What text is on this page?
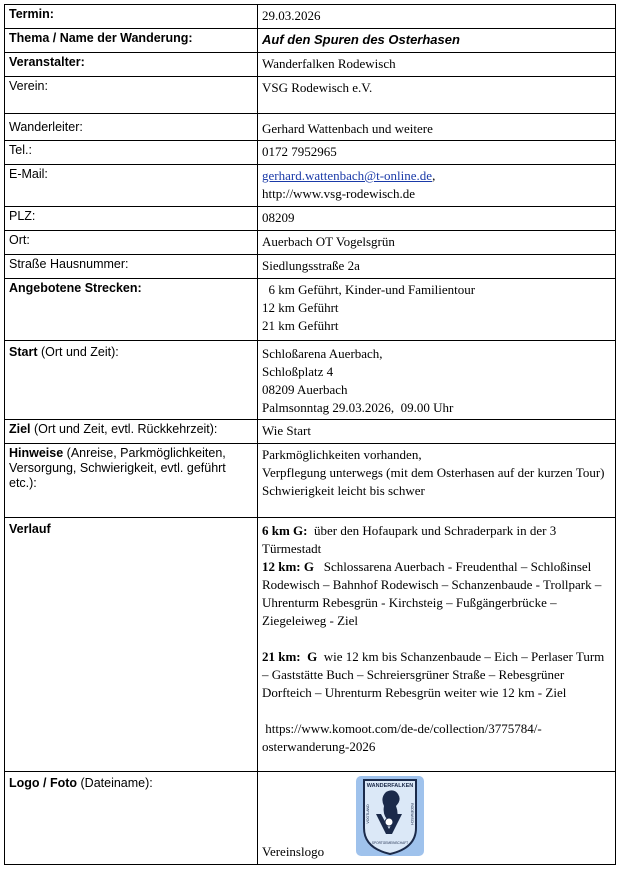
Termin:	29.03.2026
Thema / Name der Wanderung:	Auf den Spuren des Osterhasen
Veranstalter:	Wanderfalken Rodewisch
Verein:	VSG Rodewisch e.V.
Wanderleiter:	Gerhard Wattenbach und weitere
Tel.:	0172 7952965
E-Mail:	gerhard.wattenbach@t-online.de,
http://www.vsg-rodewisch.de
PLZ:	08209
Ort:	Auerbach OT Vogelsgrün
Straße Hausnummer:	Siedlungsstraße 2a
Angebotene Strecken:	6 km Geführt, Kinder-und Familientour
12 km Geführt
21 km Geführt

Start (Ort und Zeit):	Schloßarena Auerbach,
Schloßplatz 4
08209 Auerbach
Palmsonntag 29.03.2026,  09.00 Uhr

Ziel (Ort und Zeit, evtl. Rückkehrzeit):	Wie Start
Hinweise (Anreise, Parkmöglichkeiten, Versorgung, Schwierigkeit, evtl. geführt etc.):	Parkmöglichkeiten vorhanden,
Verpflegung unterwegs (mit dem Osterhasen auf der kurzen Tour)
Schwierigkeit leicht bis schwer

Verlauf	6 km G:  über den Hofaupark und Schraderpark in der 3 Türmestadt
12 km: G   Schlossarena Auerbach - Freudenthal – Schloßinsel Rodewisch – Bahnhof Rodewisch – Schanzenbaude - Trollpark – Uhrenturm Rebesgrün - Kirchsteig – Fußgängerbrücke – Ziegeleiweg - Ziel
21 km:  G  wie 12 km bis Schanzenbaude – Eich – Perlaser Turm – Gaststätte Buch – Schreiersgrüner Straße – Rebesgrüner Dorfteich – Uhrenturm Rebesgrün weiter wie 12 km - Ziel
https://www.komoot.com/de-de/collection/3775784/-osterwanderung-2026

Logo / Foto (Dateiname):	WANDERFALKEN
VOGTLAND RODEWISCH
SPORTGEMEINSCHAFT
Vereinslogo
